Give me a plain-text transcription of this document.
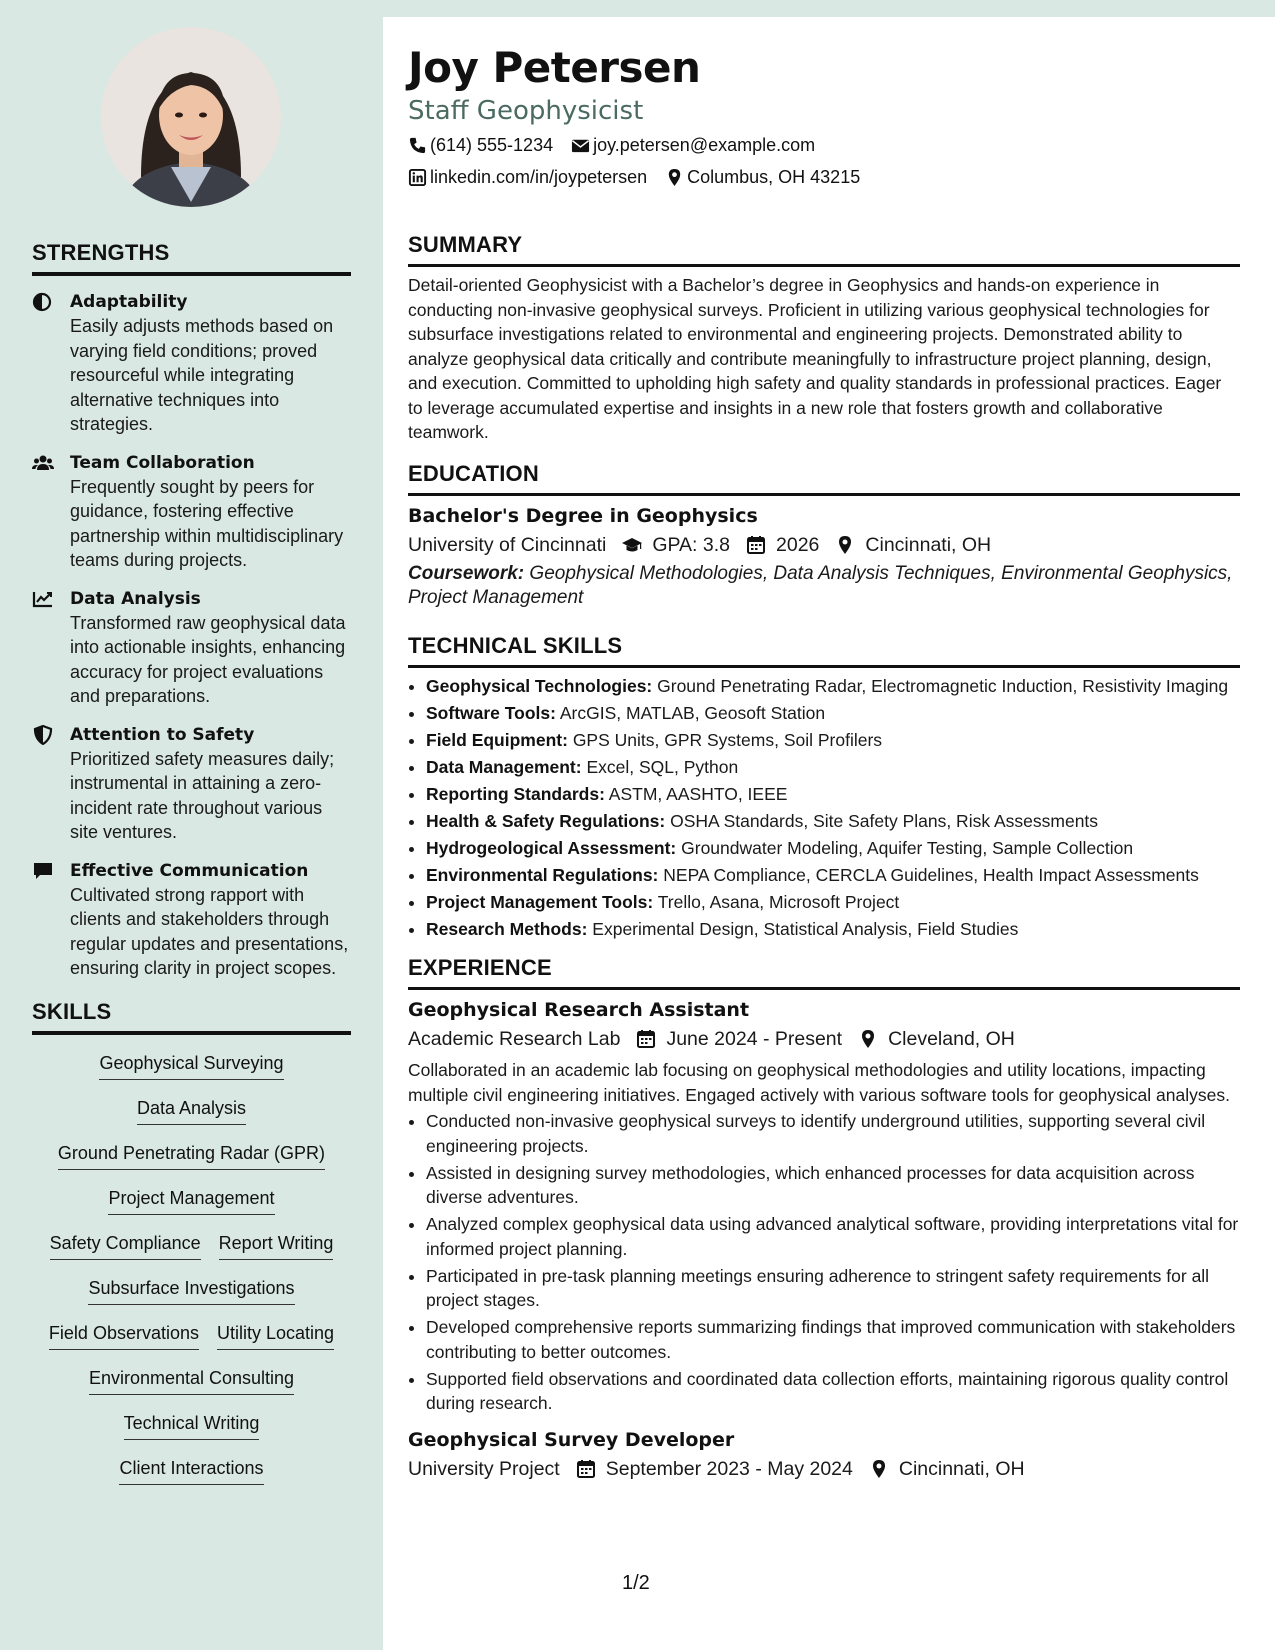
STRENGTHS
Adaptability
Easily adjusts methods based on varying field conditions; proved resourceful while integrating alternative techniques into strategies.
Team Collaboration
Frequently sought by peers for guidance, fostering effective partnership within multidisciplinary teams during projects.
Data Analysis
Transformed raw geophysical data into actionable insights, enhancing accuracy for project evaluations and preparations.
Attention to Safety
Prioritized safety measures daily; instrumental in attaining a zero-incident rate throughout various site ventures.
Effective Communication
Cultivated strong rapport with clients and stakeholders through regular updates and presentations, ensuring clarity in project scopes.
SKILLS
Geophysical Surveying
Data Analysis
Ground Penetrating Radar (GPR)
Project Management
Safety Compliance Report Writing
Subsurface Investigations
Field Observations Utility Locating
Environmental Consulting
Technical Writing
Client Interactions
Joy Petersen
Staff Geophysicist
(614) 555-1234 joy.petersen@example.com
linkedin.com/in/joypetersen Columbus, OH 43215
SUMMARY

Detail-oriented Geophysicist with a Bachelor’s degree in Geophysics and hands-on experience in conducting non-invasive geophysical surveys. Proficient in utilizing various geophysical technologies for subsurface investigations related to environmental and engineering projects. Demonstrated ability to analyze geophysical data critically and contribute meaningfully to infrastructure project planning, design, and execution. Committed to upholding high safety and quality standards in professional practices. Eager to leverage accumulated expertise and insights in a new role that fosters growth and collaborative teamwork.

EDUCATION
Bachelor's Degree in Geophysics
University of Cincinnati GPA: 3.8 2026 Cincinnati, OH
Coursework: Geophysical Methodologies, Data Analysis Techniques, Environmental Geophysics, Project Management
TECHNICAL SKILLS
• Geophysical Technologies: Ground Penetrating Radar, Electromagnetic Induction, Resistivity Imaging
• Software Tools: ArcGIS, MATLAB, Geosoft Station
• Field Equipment: GPS Units, GPR Systems, Soil Profilers
• Data Management: Excel, SQL, Python
• Reporting Standards: ASTM, AASHTO, IEEE
• Health & Safety Regulations: OSHA Standards, Site Safety Plans, Risk Assessments
• Hydrogeological Assessment: Groundwater Modeling, Aquifer Testing, Sample Collection
• Environmental Regulations: NEPA Compliance, CERCLA Guidelines, Health Impact Assessments
• Project Management Tools: Trello, Asana, Microsoft Project
• Research Methods: Experimental Design, Statistical Analysis, Field Studies
EXPERIENCE
Geophysical Research Assistant
Academic Research Lab June 2024 - Present Cleveland, OH

Collaborated in an academic lab focusing on geophysical methodologies and utility locations, impacting multiple civil engineering initiatives. Engaged actively with various software tools for geophysical analyses.

• Conducted non-invasive geophysical surveys to identify underground utilities, supporting several civil engineering projects.
• Assisted in designing survey methodologies, which enhanced processes for data acquisition across diverse adventures.
• Analyzed complex geophysical data using advanced analytical software, providing interpretations vital for informed project planning.
• Participated in pre-task planning meetings ensuring adherence to stringent safety requirements for all project stages.
• Developed comprehensive reports summarizing findings that improved communication with stakeholders contributing to better outcomes.
• Supported field observations and coordinated data collection efforts, maintaining rigorous quality control during research.
Geophysical Survey Developer
University Project September 2023 - May 2024 Cincinnati, OH
1/2
